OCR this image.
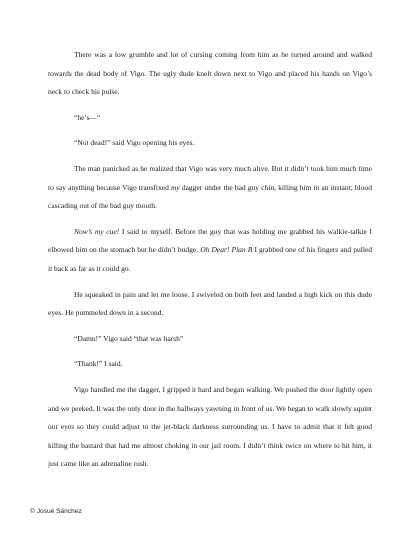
There was a low grumble and lot of cursing coming from him as he turned around and walked towards the dead body of Vigo. The ugly dude knelt down next to Vigo and placed his hands on Vigo’s neck to check his pulse.

“he’s—“

“Not dead!” said Vigo opening his eyes.

The man panicked as he realized that Vigo was very much alive. But it didn’t took him much time to say anything because Vigo transfixed my dagger under the bad guy chin, killing him in an instant; blood cascading out of the bad guy mouth.

Now’s my cue! I said to myself. Before the guy that was holding me grabbed his walkie-talkie I elbowed him on the stomach but he didn’t budge. Oh Dear! Plan B I grabbed one of his fingers and pulled it back as far as it could go.

He squeaked in pain and let me loose. I swiveled on both feet and landed a high kick on this dude eyes. He pummeled down in a second.

“Damn!” Vigo said “that was harsh”

“Thank!” I said.

Vigo handled me the dagger, I gripped it hard and began walking. We pushed the door lightly open and we peeked. It was the only door in the hallways yawning in front of us. We began to walk slowly squint our eyes so they could adjust to the jet-black darkness surrounding us. I have to admit that it felt good killing the bastard that had me almost choking in our jail room. I didn’t think twice on where to hit him, it just came like an adrenaline rush.

© Josué Sánchez
